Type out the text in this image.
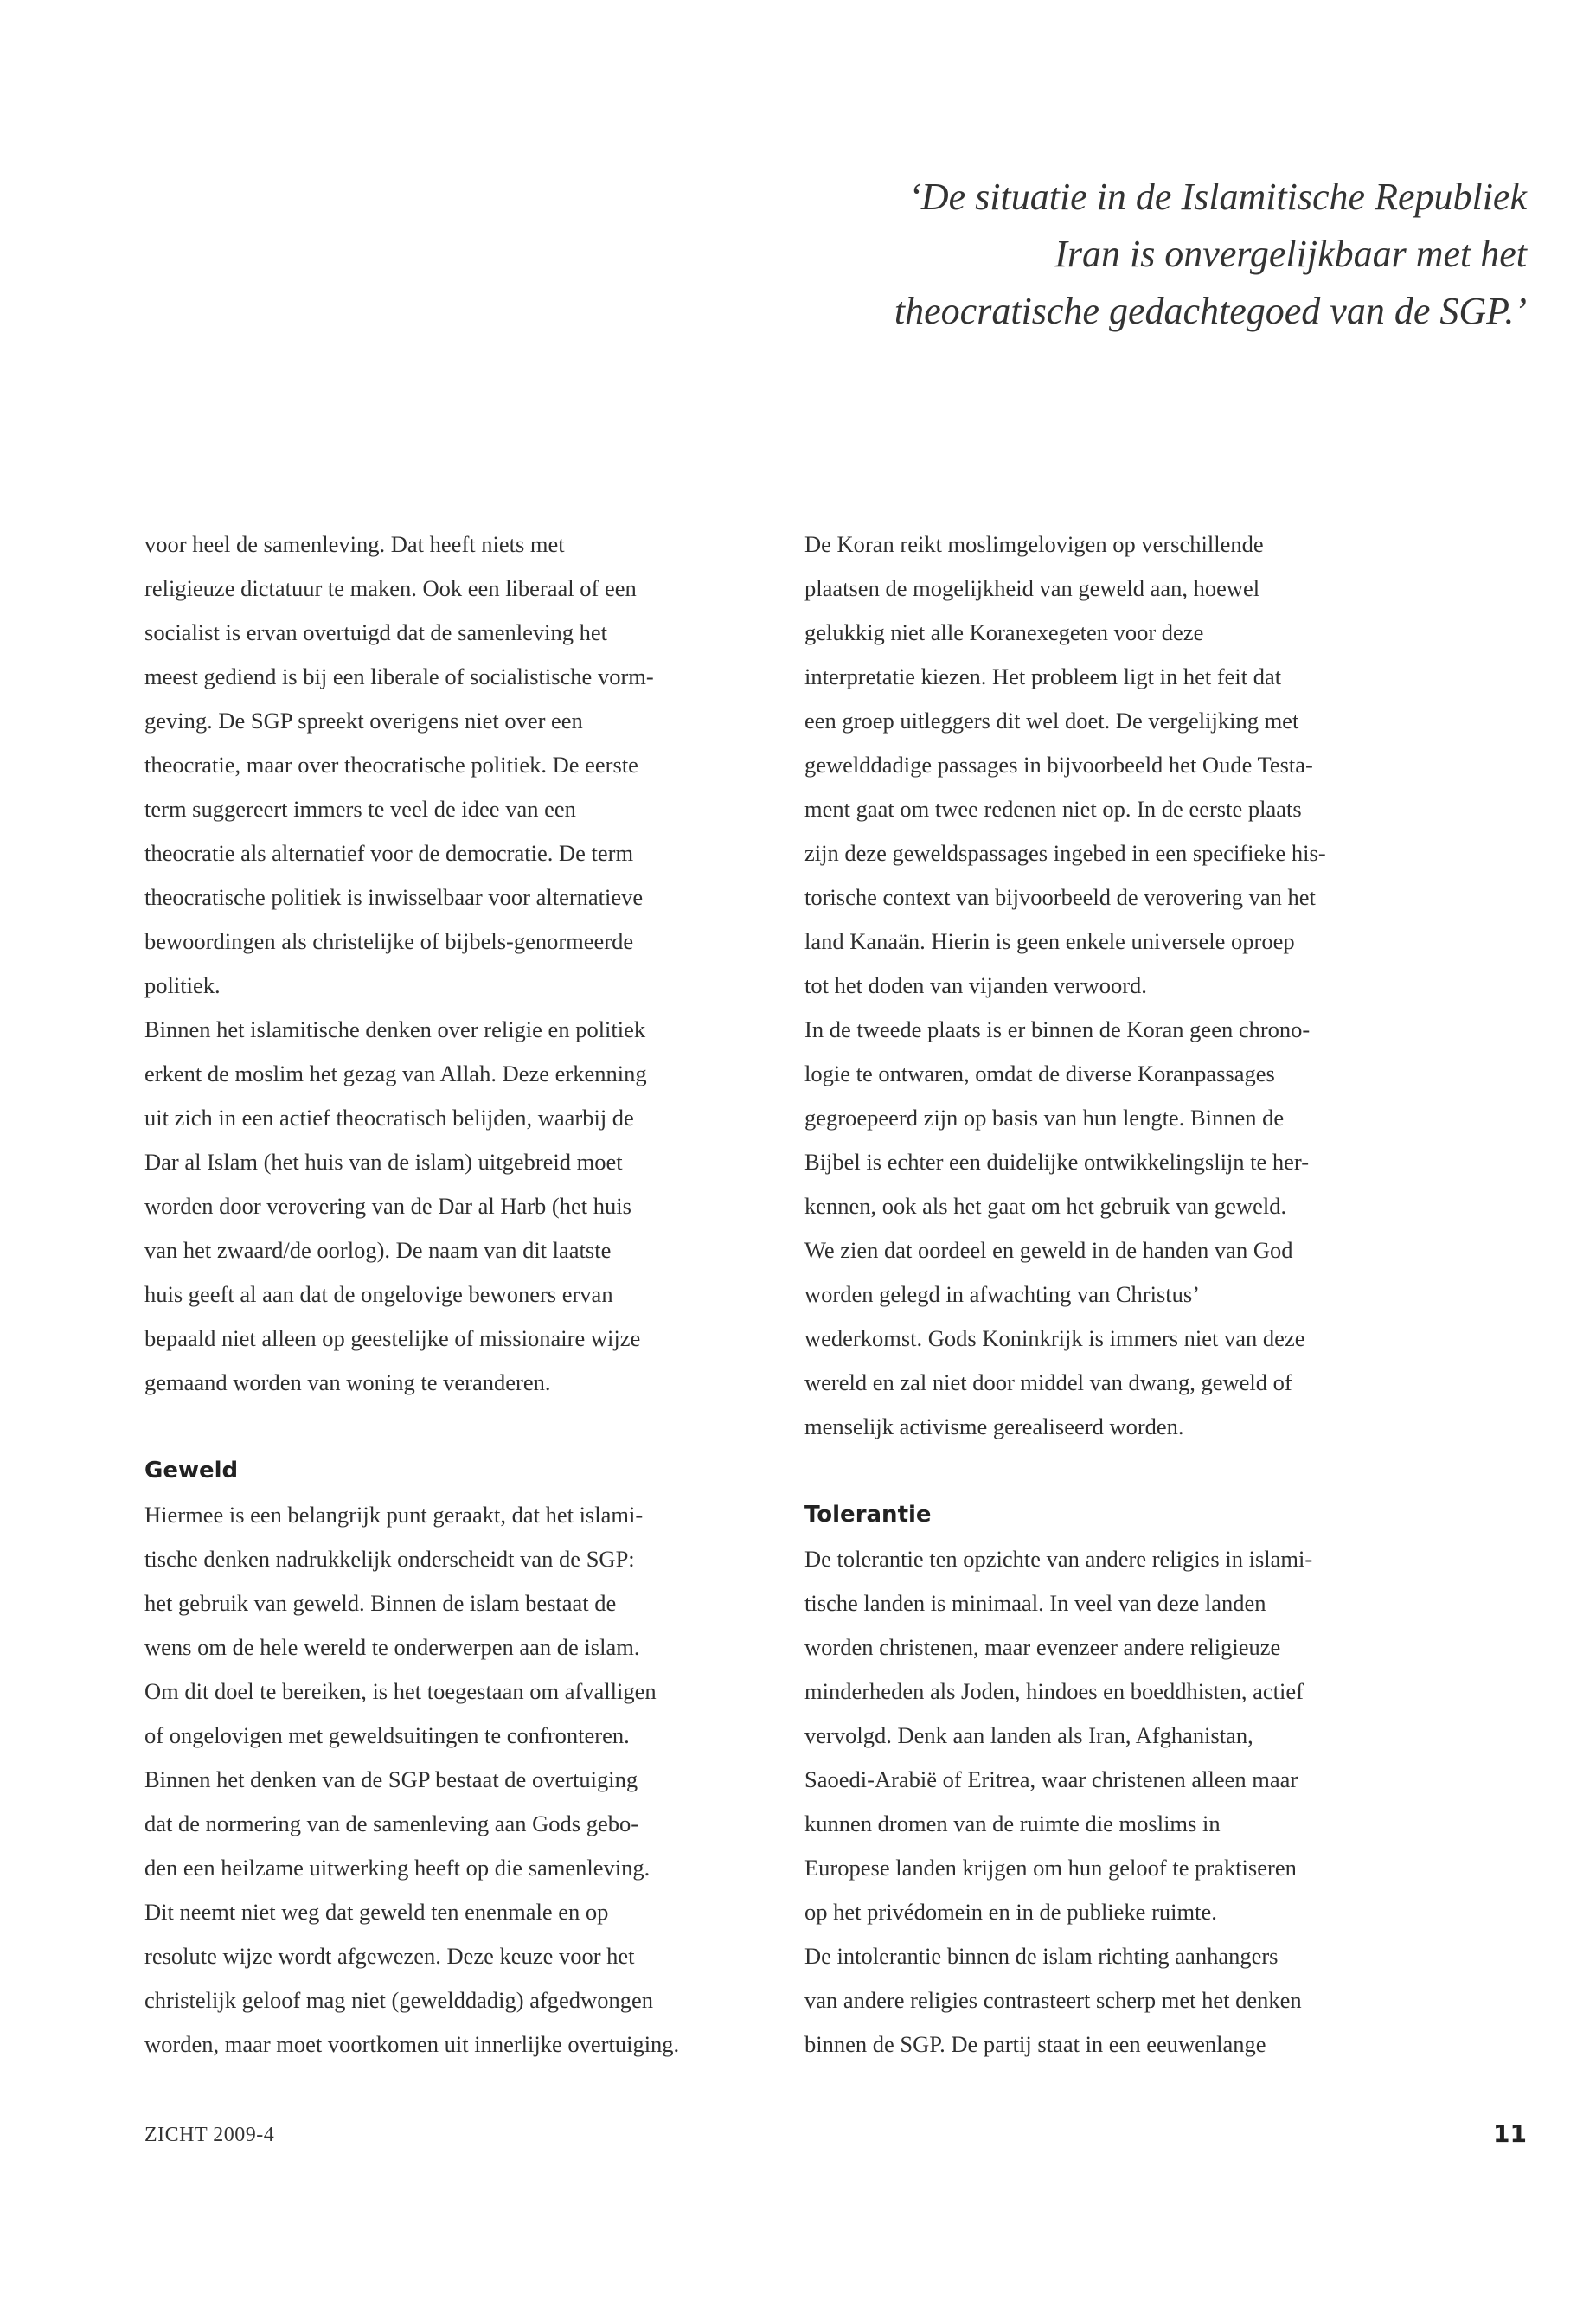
‘De situatie in de Islamitische Republiek
Iran is onvergelijkbaar met het
theocratische gedachtegoed van de SGP.’
voor heel de samenleving. Dat heeft niets met
religieuze dictatuur te maken. Ook een liberaal of een
socialist is ervan overtuigd dat de samenleving het
meest gediend is bij een liberale of socialistische vorm-
geving. De SGP spreekt overigens niet over een
theocratie, maar over theocratische politiek. De eerste
term suggereert immers te veel de idee van een
theocratie als alternatief voor de democratie. De term
theocratische politiek is inwisselbaar voor alternatieve
bewoordingen als christelijke of bijbels-genormeerde
politiek.
Binnen het islamitische denken over religie en politiek
erkent de moslim het gezag van Allah. Deze erkenning
uit zich in een actief theocratisch belijden, waarbij de
Dar al Islam (het huis van de islam) uitgebreid moet
worden door verovering van de Dar al Harb (het huis
van het zwaard/de oorlog). De naam van dit laatste
huis geeft al aan dat de ongelovige bewoners ervan
bepaald niet alleen op geestelijke of missionaire wijze
gemaand worden van woning te veranderen.
Geweld
Hiermee is een belangrijk punt geraakt, dat het islami-
tische denken nadrukkelijk onderscheidt van de SGP:
het gebruik van geweld. Binnen de islam bestaat de
wens om de hele wereld te onderwerpen aan de islam.
Om dit doel te bereiken, is het toegestaan om afvalligen
of ongelovigen met geweldsuitingen te confronteren.
Binnen het denken van de SGP bestaat de overtuiging
dat de normering van de samenleving aan Gods gebo-
den een heilzame uitwerking heeft op die samenleving.
Dit neemt niet weg dat geweld ten enenmale en op
resolute wijze wordt afgewezen. Deze keuze voor het
christelijk geloof mag niet (gewelddadig) afgedwongen
worden, maar moet voortkomen uit innerlijke overtuiging.
De Koran reikt moslimgelovigen op verschillende
plaatsen de mogelijkheid van geweld aan, hoewel
gelukkig niet alle Koranexegeten voor deze
interpretatie kiezen. Het probleem ligt in het feit dat
een groep uitleggers dit wel doet. De vergelijking met
gewelddadige passages in bijvoorbeeld het Oude Testa-
ment gaat om twee redenen niet op. In de eerste plaats
zijn deze geweldspassages ingebed in een specifieke his-
torische context van bijvoorbeeld de verovering van het
land Kanaän. Hierin is geen enkele universele oproep
tot het doden van vijanden verwoord.
In de tweede plaats is er binnen de Koran geen chrono-
logie te ontwaren, omdat de diverse Koranpassages
gegroepeerd zijn op basis van hun lengte. Binnen de
Bijbel is echter een duidelijke ontwikkelingslijn te her-
kennen, ook als het gaat om het gebruik van geweld.
We zien dat oordeel en geweld in de handen van God
worden gelegd in afwachting van Christus’
wederkomst. Gods Koninkrijk is immers niet van deze
wereld en zal niet door middel van dwang, geweld of
menselijk activisme gerealiseerd worden.
Tolerantie
De tolerantie ten opzichte van andere religies in islami-
tische landen is minimaal. In veel van deze landen
worden christenen, maar evenzeer andere religieuze
minderheden als Joden, hindoes en boeddhisten, actief
vervolgd. Denk aan landen als Iran, Afghanistan,
Saoedi-Arabië of Eritrea, waar christenen alleen maar
kunnen dromen van de ruimte die moslims in
Europese landen krijgen om hun geloof te praktiseren
op het privédomein en in de publieke ruimte.
De intolerantie binnen de islam richting aanhangers
van andere religies contrasteert scherp met het denken
binnen de SGP. De partij staat in een eeuwenlange
ZICHT 2009-4	11
